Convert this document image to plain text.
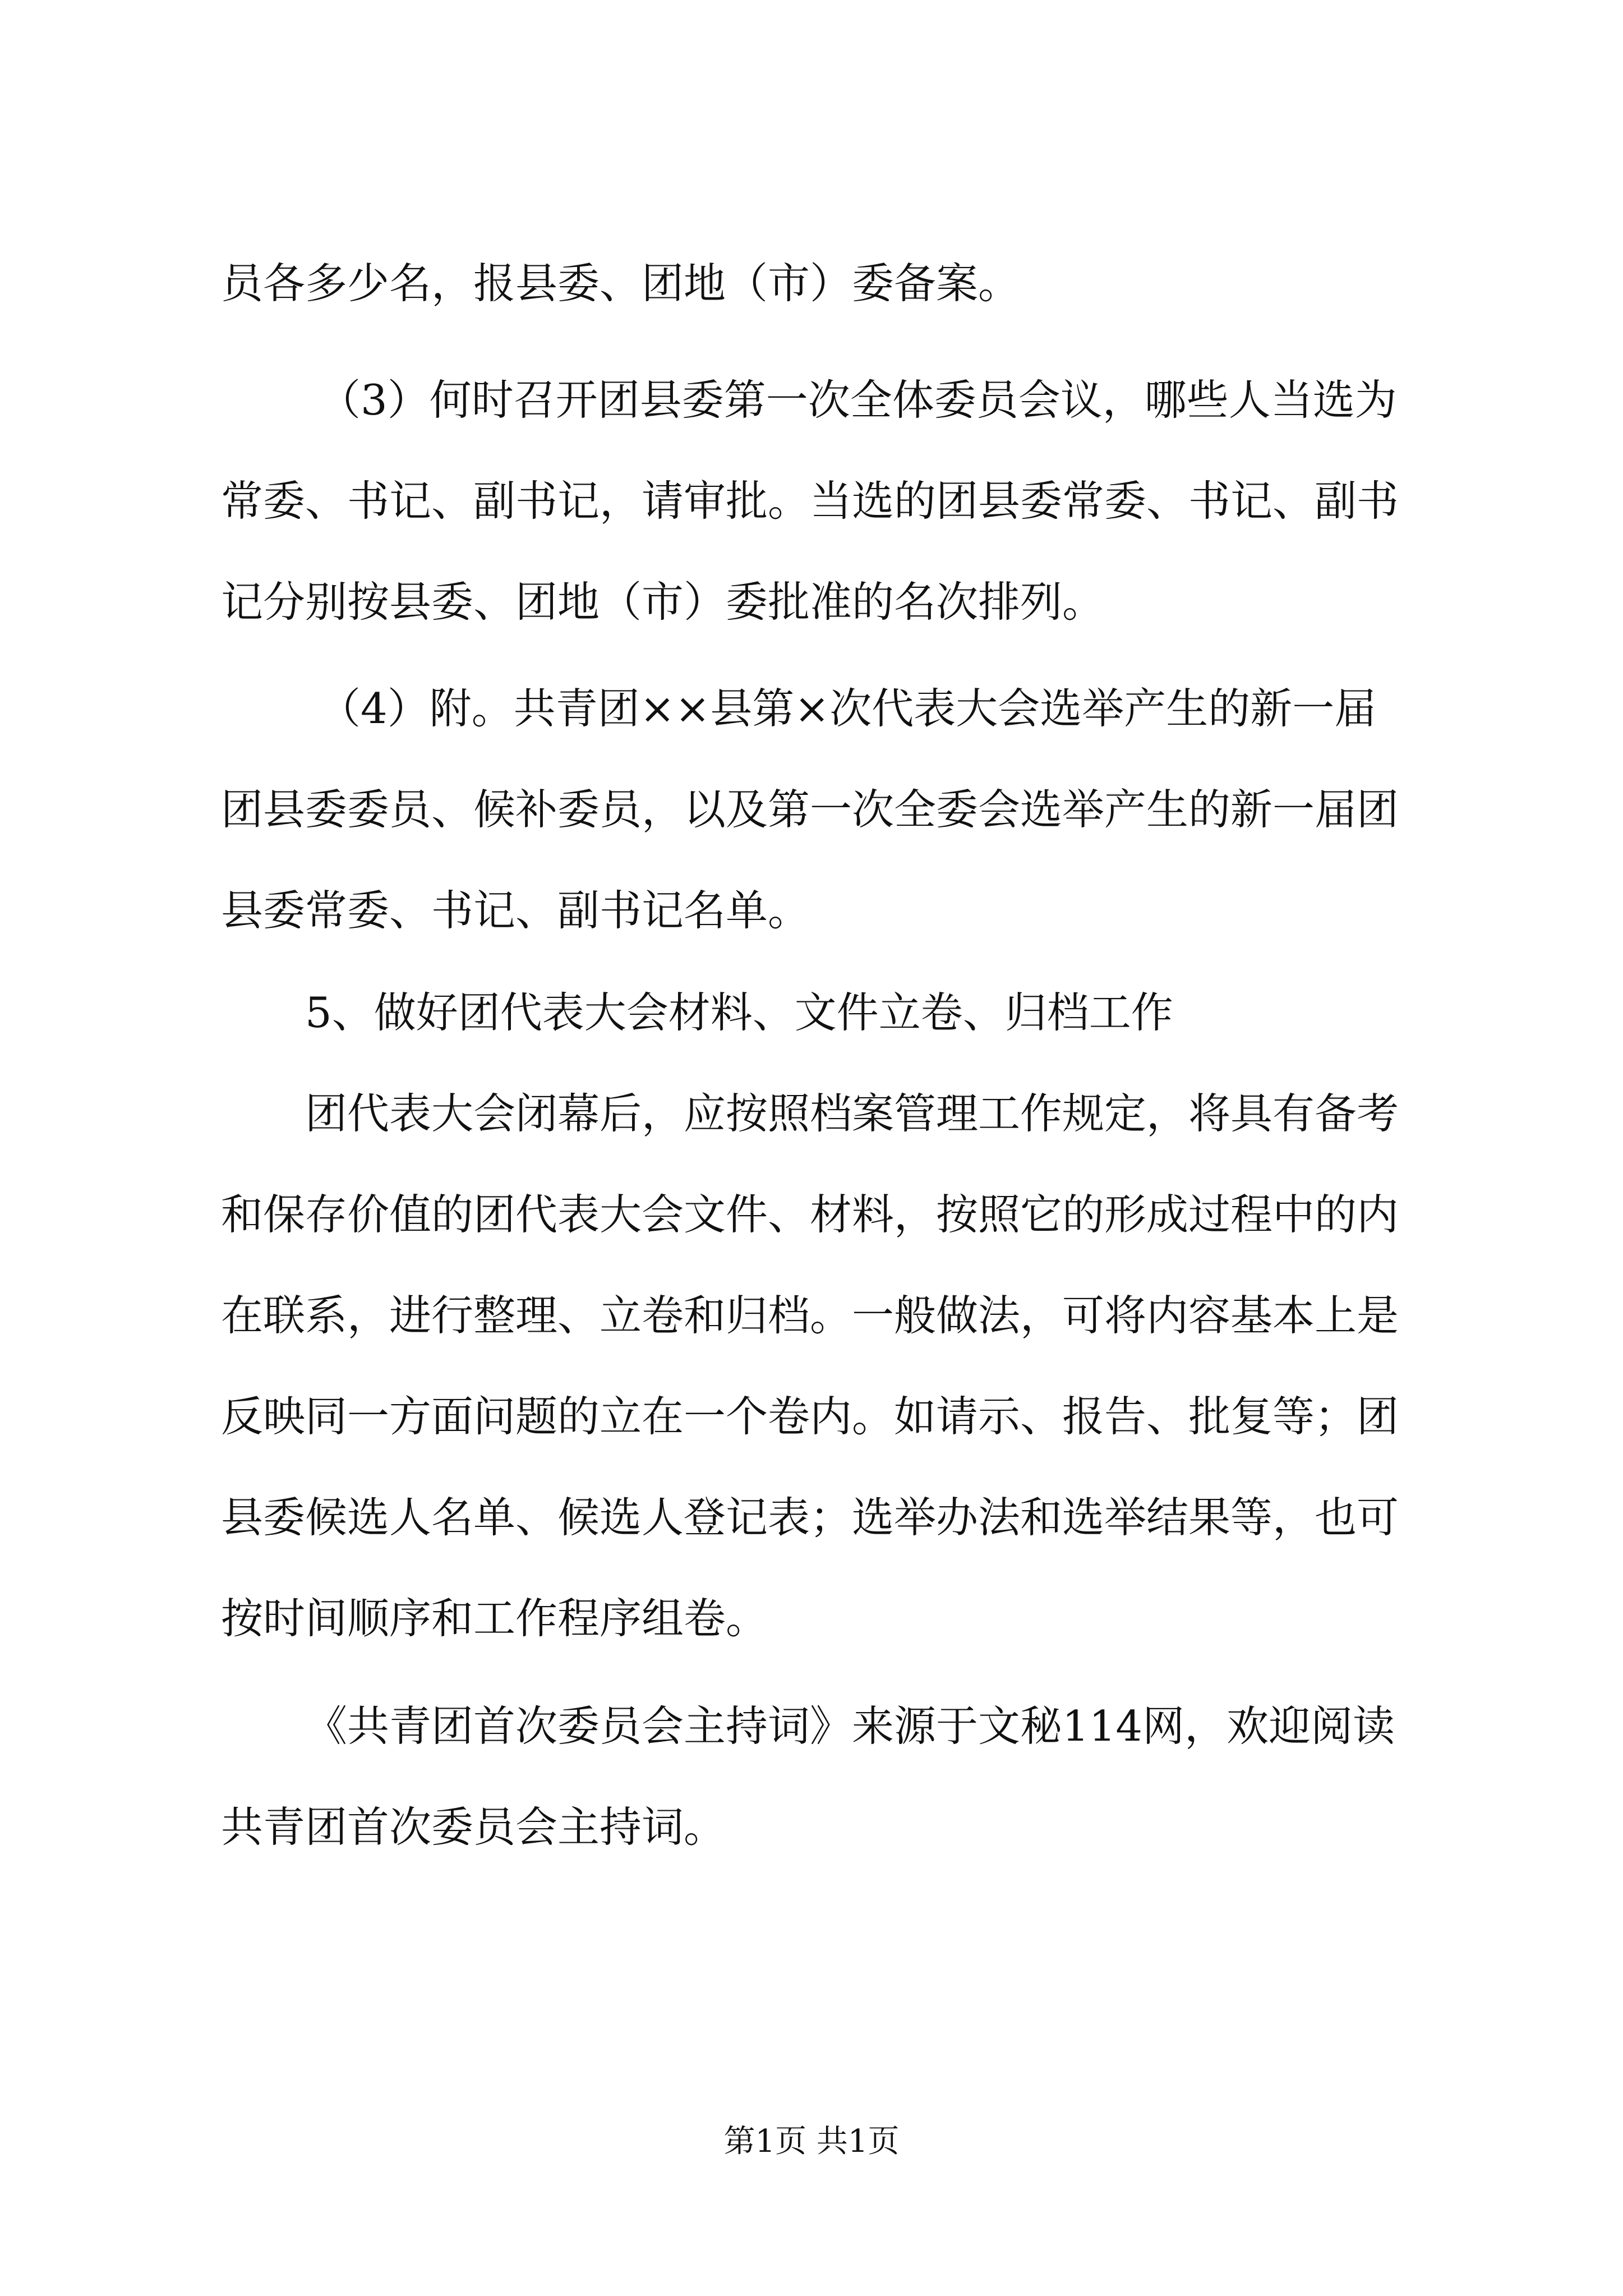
员各多少名，报县委、团地（市）委备案。

（3）何时召开团县委第一次全体委员会议，哪些人当选为

常委、书记、副书记，请审批。当选的团县委常委、书记、副书

记分别按县委、团地（市）委批准的名次排列。

（4）附。共青团××县第×次代表大会选举产生的新一届

团县委委员、候补委员，以及第一次全委会选举产生的新一届团

县委常委、书记、副书记名单。

5、做好团代表大会材料、文件立卷、归档工作

团代表大会闭幕后，应按照档案管理工作规定，将具有备考

和保存价值的团代表大会文件、材料，按照它的形成过程中的内

在联系，进行整理、立卷和归档。一般做法，可将内容基本上是

反映同一方面问题的立在一个卷内。如请示、报告、批复等；团

县委候选人名单、候选人登记表；选举办法和选举结果等，也可

按时间顺序和工作程序组卷。

《共青团首次委员会主持词》来源于文秘114网，欢迎阅读

共青团首次委员会主持词。

第1页 共1页
